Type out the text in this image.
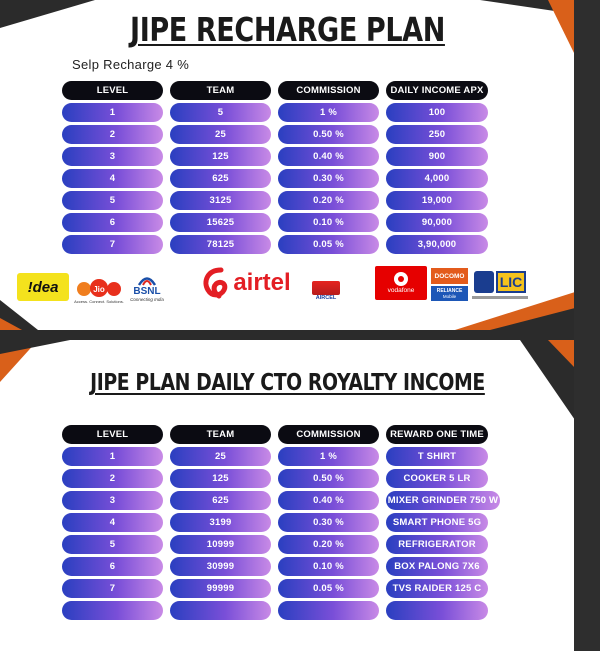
JIPE RECHARGE PLAN
Selp Recharge 4 %
LEVEL	TEAM	COMMISSION	DAILY INCOME APX
1	5	1 %	100
2	25	0.50 %	250
3	125	0.40 %	900
4	625	0.30 %	4,000
5	3125	0.20 %	19,000
6	15625	0.10 %	90,000
7	78125	0.05 %	3,90,000
!dea	Jio
Access. Connect. Solutions.
BSNL
Connecting India
airtel
AIRCEL
vodafone
DOCOMO
RELIANCE
Mobile
LIC
JIPE PLAN DAILY CTO ROYALTY INCOME
LEVEL	TEAM	COMMISSION	REWARD ONE TIME
1	25	1 %	T SHIRT
2	125	0.50 %	COOKER 5 LR
3	625	0.40 %	MIXER GRINDER 750 W
4	3199	0.30 %	SMART PHONE 5G
5	10999	0.20 %	REFRIGERATOR
6	30999	0.10 %	BOX PALONG 7X6
7	99999	0.05 %	TVS RAIDER 125 C
